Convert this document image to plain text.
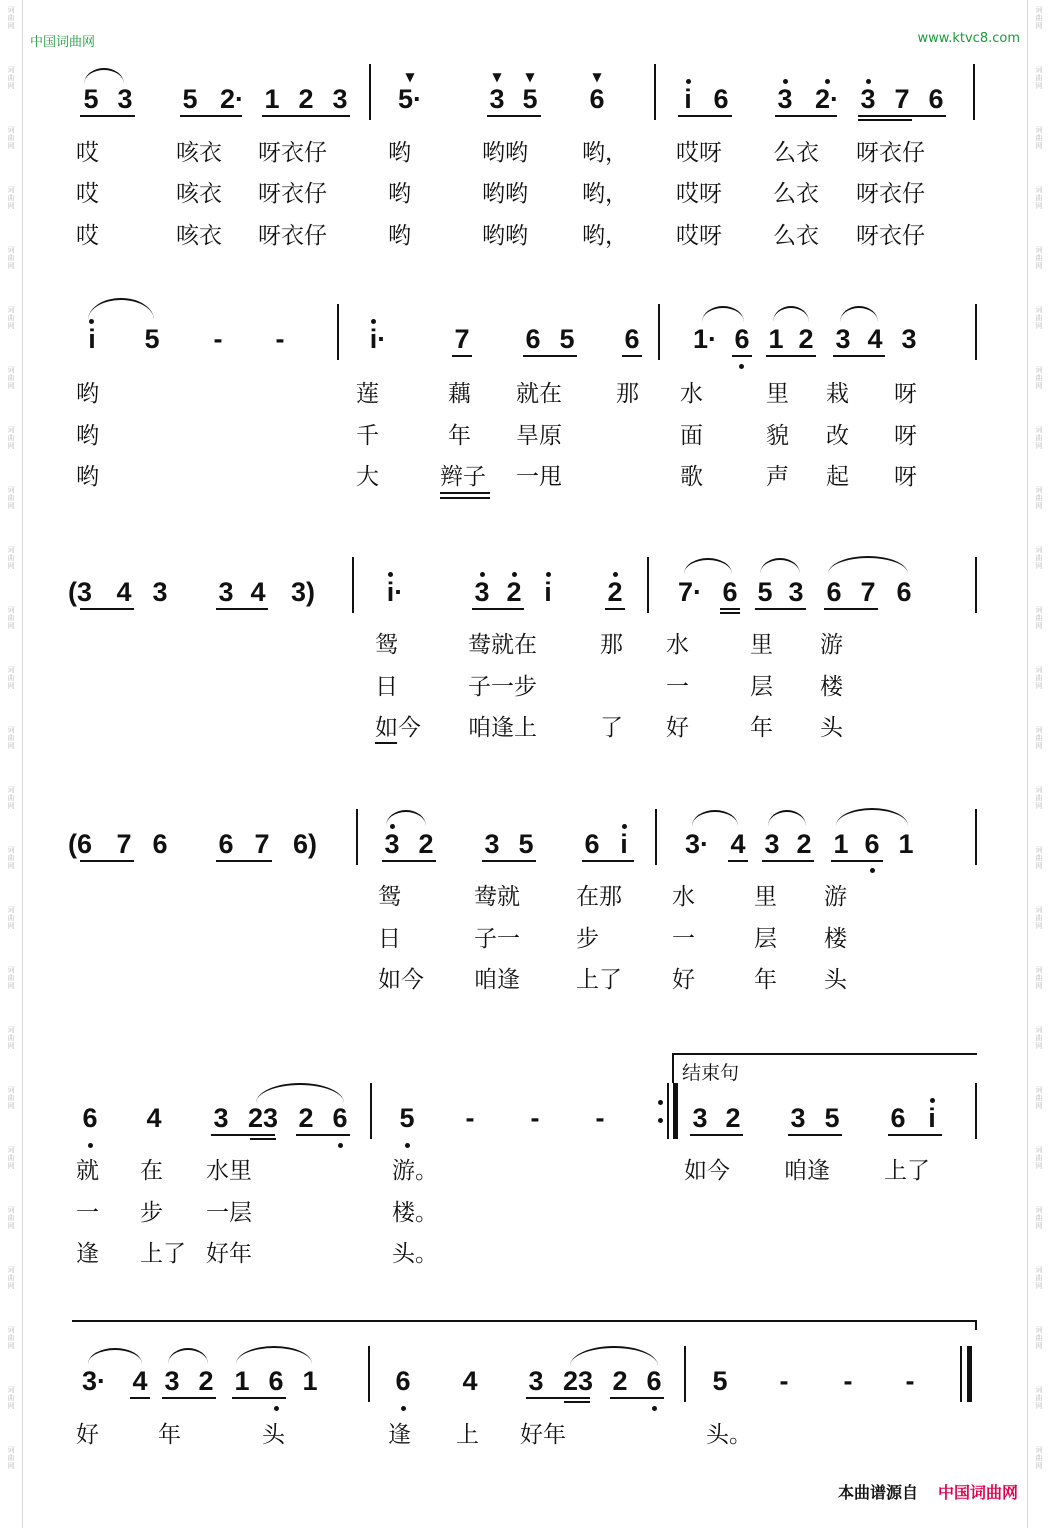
词
曲
网
词
曲
网
词
曲
网
词
曲
网
词
曲
网
词
曲
网
词
曲
网
词
曲
网
词
曲
网
词
曲
网
词
曲
网
词
曲
网
词
曲
网
词
曲
网
词
曲
网
词
曲
网
词
曲
网
词
曲
网
词
曲
网
词
曲
网
词
曲
网
词
曲
网
词
曲
网
词
曲
网
词
曲
网
词
曲
网
词
曲
网
词
曲
网
词
曲
网
词
曲
网
词
曲
网
词
曲
网
词
曲
网
词
曲
网
词
曲
网
词
曲
网
词
曲
网
词
曲
网
词
曲
网
词
曲
网
词
曲
网
词
曲
网
词
曲
网
词
曲
网
词
曲
网
词
曲
网
词
曲
网
词
曲
网
词
曲
网
词
曲
网
中国词曲网	www.ktvc8.com
5 3 5 2· 1 2 3 5· 3 5 6	i 6 3 2· 3 7 6
▼	▼ ▼	▼
哎	咳衣 呀衣仔	哟	哟哟 哟， 哎呀 么衣 呀衣仔
哎	咳衣 呀衣仔	哟	哟哟 哟， 哎呀 么衣 呀衣仔
哎	咳衣 呀衣仔	哟	哟哟 哟， 哎呀 么衣 呀衣仔
i 5 - -	i·	7 6 5 6 1· 6 1 2 3 4 3
哟	莲	藕 就在 那 水	里 栽 呀
哟	千	年 旱原	面	貌 改 呀
哟	大	辫子 一甩	歌	声 起 呀
(3 4 3 3 4 3)	i·	3 2 i 2 7· 6 5 3 6 7 6
鸳	鸯就在	那 水	里 游
日	子一步	一	层 楼
如今 咱逢上	了 好	年 头
(6 7 6 6 7 6) 3 2 3 5 6 i 3· 4 3 2 1 6 1
鸳	鸯就 在那 水	里 游
日	子一 步	一	层 楼
如今 咱逢 上了 好	年 头
结束句
6 4 3 23 2 6 5 - - -	3 2 3 5 6 i
就 在 水里	游。	如今 咱逢 上了
一 步 一层	楼。
逢 上了 好年	头。
3· 4 3 2 1 6 1	6 4 3 23 2 6 5 - - -
好	年	头	逢 上 好年	头。
本曲谱源自 中国词曲网
